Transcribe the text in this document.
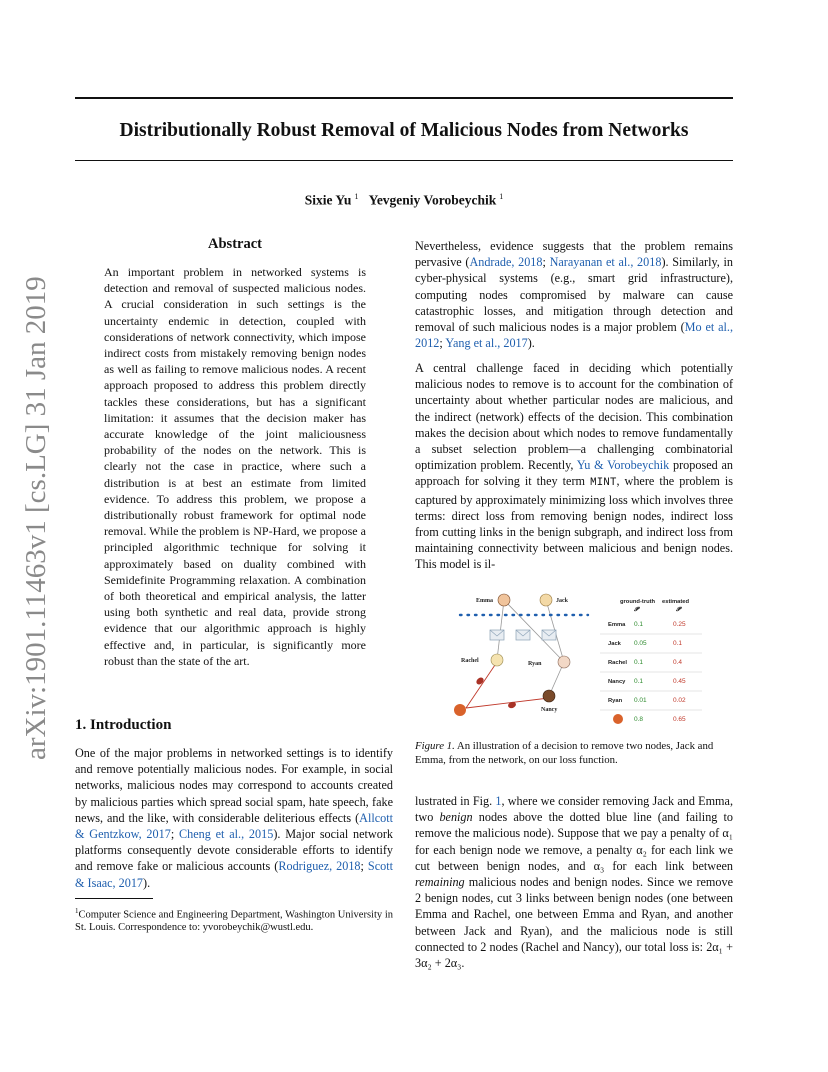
Distributionally Robust Removal of Malicious Nodes from Networks
Sixie Yu $^1$ Yevgeniy Vorobeychik $^1$
arXiv:1901.11463v1 [cs.LG] 31 Jan 2019
Abstract
An important problem in networked systems is detection and removal of suspected malicious nodes. A crucial consideration in such settings is the uncertainty endemic in detection, coupled with considerations of network connectivity, which impose indirect costs from mistakely removing benign nodes as well as failing to remove malicious nodes. A recent approach proposed to address this problem directly tackles these considerations, but has a significant limitation: it assumes that the decision maker has accurate knowledge of the joint maliciousness probability of the nodes on the network. This is clearly not the case in practice, where such a distribution is at best an estimate from limited evidence. To address this problem, we propose a distributionally robust framework for optimal node removal. While the problem is NP-Hard, we propose a principled algorithmic technique for solving it approximately based on duality combined with Semidefinite Programming relaxation. A combination of both theoretical and empirical analysis, the latter using both synthetic and real data, provide strong evidence that our algorithmic approach is highly effective and, in particular, is significantly more robust than the state of the art.
1. Introduction
One of the major problems in networked settings is to identify and remove potentially malicious nodes. For example, in social networks, malicious nodes may correspond to accounts created by malicious parties which spread social spam, hate speech, fake news, and the like, with considerable deliterious effects (Allcott & Gentzkow, 2017; Cheng et al., 2015). Major social network platforms consequently devote considerable efforts to identify and remove fake or malicious accounts (Rodriguez, 2018; Scott & Isaac, 2017).
$^1$Computer Science and Engineering Department, Washington University in St. Louis. Correspondence to: yvorobeychik@wustl.edu.
Nevertheless, evidence suggests that the problem remains pervasive (Andrade, 2018; Narayanan et al., 2018). Similarly, in cyber-physical systems (e.g., smart grid infrastructure), computing nodes compromised by malware can cause catastrophic losses, and mitigation through detection and removal of such malicious nodes is a major problem (Mo et al., 2012; Yang et al., 2017).
A central challenge faced in deciding which potentially malicious nodes to remove is to account for the combination of uncertainty about whether particular nodes are malicious, and the indirect (network) effects of the decision. This combination makes the decision about which nodes to remove fundamentally a subset selection problem—a challenging combinatorial optimization problem. Recently, Yu & Vorobeychik proposed an approach for solving it they term MINT, where the problem is captured by approximately minimizing loss which involves three terms: direct loss from removing benign nodes, indirect loss from cutting links in the benign subgraph, and indirect loss from maintaining connectivity between malicious and benign nodes. This model is il-
Emma	Jack
Rachel	Ryan
Nancy
ground-truth estimated
𝓟	𝓟
Emma 0.1	0.25
Jack 0.05	0.1
Rachel 0.1	0.4
Nancy 0.1	0.45
Ryan 0.01	0.02
0.8	0.65
Figure 1. An illustration of a decision to remove two nodes, Jack and Emma, from the network, on our loss function.
lustrated in Fig. 1, where we consider removing Jack and Emma, two benign nodes above the dotted blue line (and failing to remove the malicious node). Suppose that we pay a penalty of α₁ for each benign node we remove, a penalty α₂ for each link we cut between benign nodes, and α₃ for each link between remaining malicious nodes and benign nodes. Since we remove 2 benign nodes, cut 3 links between benign nodes (one between Emma and Rachel, one between Emma and Ryan, and another between Jack and Ryan), and the malicious node is still connected to 2 nodes (Rachel and Nancy), our total loss is: 2α₁ + 3α₂ + 2α₃.
